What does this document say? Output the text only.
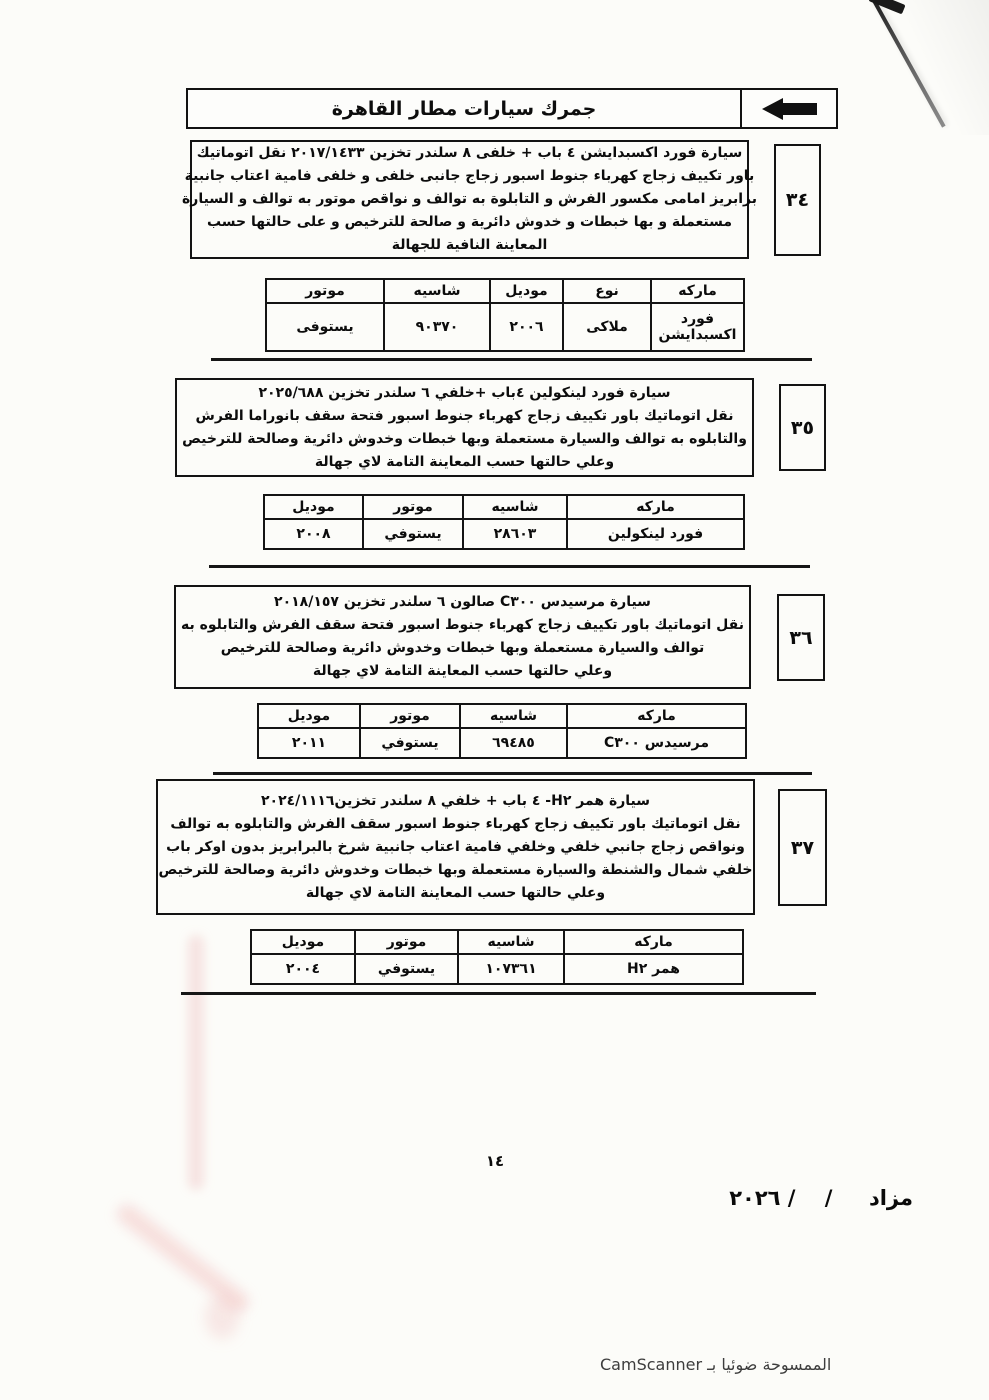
جمرك سيارات مطار القاهرة
سيارة فورد اكسبدايشن ٤ باب + خلفى ٨ سلندر تخزين ٢٠١٧/١٤٣٣ نقل اتوماتيك
باور تكييف زجاج كهرباء جنوط اسبور زجاج جانبى خلفى و خلفى فامية اعتاب جانبية
برابريز امامى مكسور الفرش و التابلوة به توالف و نواقص موتور به توالف و السيارة
مستعملة و بها خبطات و خدوش دائرية و صالحة للترخيص و على حالتها حسب
المعاينة النافية للجهالة
٣٤
ماركه	نوع	موديل	شاسيه	موتور
فورد اكسبدايشن	ملاكى	٢٠٠٦	٩٠٣٧٠	يستوفى
سيارة فورد لينكولين ٤باب +خلفي ٦ سلندر تخزين ٢٠٢٥/٦٨٨
نقل اتوماتيك باور تكييف زجاج كهرباء جنوط اسبور فتحة سقف بانوراما الفرش
والتابلوه به توالف والسيارة مستعملة وبها خبطات وخدوش دائرية وصالحة للترخيص
وعلي حالتها حسب المعاينة التامة لاي جهالة
٣٥
ماركه	شاسيه	موتور	موديل
فورد لينكولين	٢٨٦٠٣	يستوفي	٢٠٠٨
سيارة مرسيدس C٣٠٠ صالون ٦ سلندر تخزين ٢٠١٨/١٥٧
نقل اتوماتيك باور تكييف زجاج كهرباء جنوط اسبور فتحة سقف الفرش والتابلوه به
توالف والسيارة مستعملة وبها خبطات وخدوش دائرية وصالحة للترخيص
وعلي حالتها حسب المعاينة التامة لاي جهالة
٣٦
ماركه	شاسيه	موتور	موديل
مرسيدس C٣٠٠	٦٩٤٨٥	يستوفي	٢٠١١
سيارة همر H٢- ٤ باب + خلفي ٨ سلندر تخزين٢٠٢٤/١١١٦
نقل اتوماتيك باور تكييف زجاج كهرباء جنوط اسبور سقف الفرش والتابلوه به توالف
ونواقص زجاج جانبي خلفي وخلفي فامية اعتاب جانبية شرخ بالبرابريز بدون اوكر باب
خلفي شمال والشنطة والسيارة مستعملة وبها خبطات وخدوش دائرية وصالحة للترخيص
وعلي حالتها حسب المعاينة التامة لاي جهالة
٣٧
ماركه	شاسيه	موتور	موديل
همر H٢	١٠٧٣٦١	يستوفي	٢٠٠٤
١٤
مزاد     /    / ٢٠٢٦
الممسوحة ضوئيا بـ CamScanner
